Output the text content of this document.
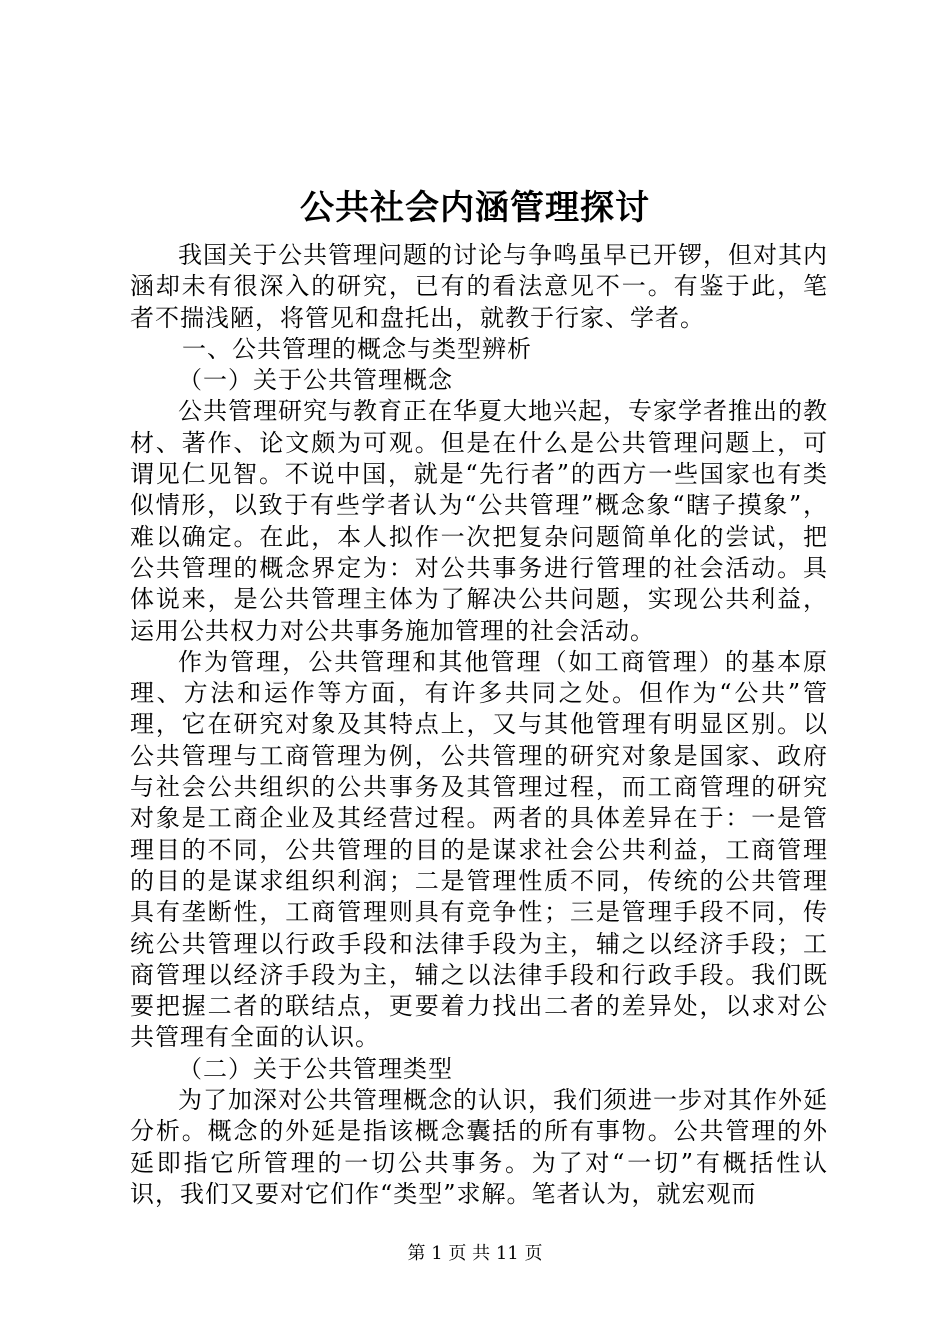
公共社会内涵管理探讨

我国关于公共管理问题的讨论与争鸣虽早已开锣，但对其内涵却未有很深入的研究，已有的看法意见不一。有鉴于此，笔者不揣浅陋，将管见和盘托出，就教于行家、学者。

一、公共管理的概念与类型辨析

（一）关于公共管理概念

公共管理研究与教育正在华夏大地兴起，专家学者推出的教材、著作、论文颇为可观。但是在什么是公共管理问题上，可谓见仁见智。不说中国，就是“先行者”的西方一些国家也有类似情形，以致于有些学者认为“公共管理”概念象“瞎子摸象”，难以确定。在此，本人拟作一次把复杂问题简单化的尝试，把公共管理的概念界定为：对公共事务进行管理的社会活动。具体说来，是公共管理主体为了解决公共问题，实现公共利益，运用公共权力对公共事务施加管理的社会活动。

作为管理，公共管理和其他管理（如工商管理）的基本原理、方法和运作等方面，有许多共同之处。但作为“公共”管理，它在研究对象及其特点上，又与其他管理有明显区别。以公共管理与工商管理为例，公共管理的研究对象是国家、政府与社会公共组织的公共事务及其管理过程，而工商管理的研究对象是工商企业及其经营过程。两者的具体差异在于：一是管理目的不同，公共管理的目的是谋求社会公共利益，工商管理的目的是谋求组织利润；二是管理性质不同，传统的公共管理具有垄断性，工商管理则具有竞争性；三是管理手段不同，传统公共管理以行政手段和法律手段为主，辅之以经济手段；工商管理以经济手段为主，辅之以法律手段和行政手段。我们既要把握二者的联结点，更要着力找出二者的差异处，以求对公共管理有全面的认识。

（二）关于公共管理类型

为了加深对公共管理概念的认识，我们须进一步对其作外延分析。概念的外延是指该概念囊括的所有事物。公共管理的外延即指它所管理的一切公共事务。为了对“一切”有概括性认识，我们又要对它们作“类型”求解。笔者认为，就宏观而

第 1 页 共 11 页
